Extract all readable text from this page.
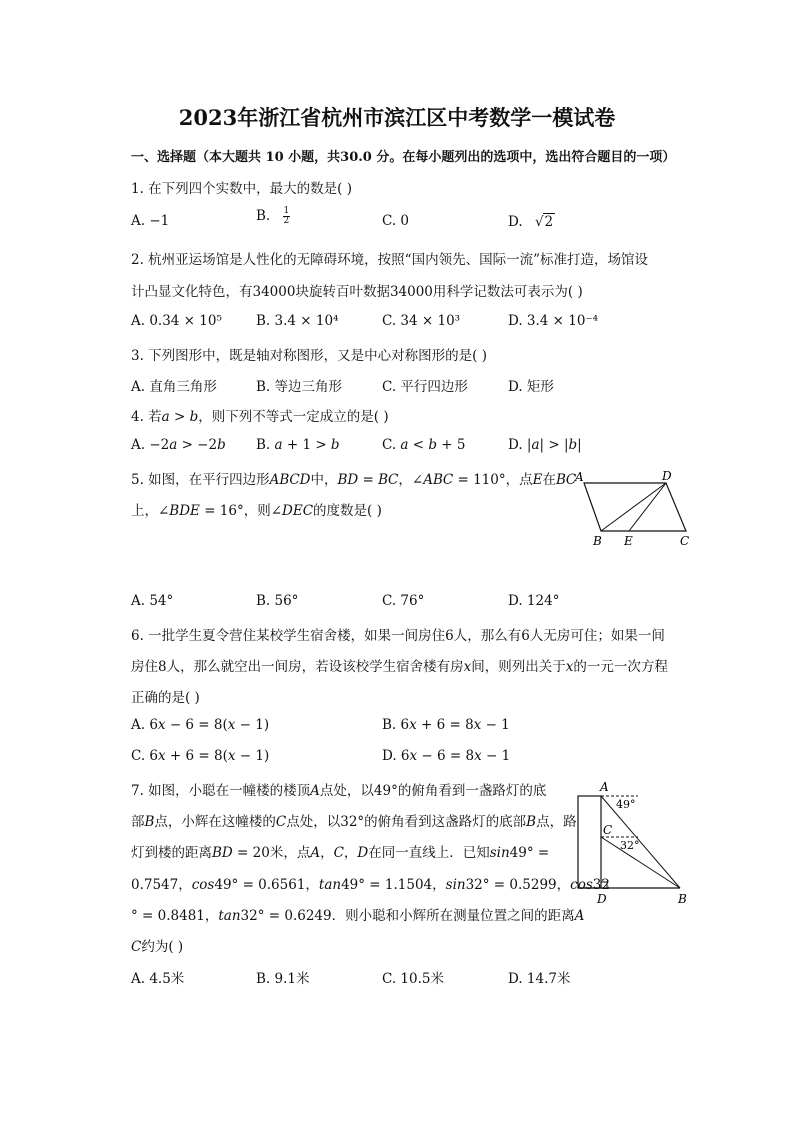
2023年浙江省杭州市滨江区中考数学一模试卷
一、选择题（本大题共 10 小题，共30.0 分。在每小题列出的选项中，选出符合题目的一项）
1. 在下列四个实数中，最大的数是( )
A. −1	B. $\frac{1}{2}$	C. 0	D. √2
2. 杭州亚运场馆是人性化的无障碍环境，按照“国内领先、国际一流”标准打造，场馆设
计凸显文化特色，有34000块旋转百叶数据34000用科学记数法可表示为( )
A. 0.34 × 10⁵	B. 3.4 × 10⁴	C. 34 × 10³	D. 3.4 × 10⁻⁴
3. 下列图形中，既是轴对称图形，又是中心对称图形的是( )
A. 直角三角形	B. 等边三角形	C. 平行四边形	D. 矩形
4. 若𝑎 > 𝑏，则下列不等式一定成立的是( )
A. −2𝑎 > −2𝑏 B. 𝑎 + 1 > 𝑏	C. 𝑎 < 𝑏 + 5	D. |𝑎| > |𝑏|
5. 如图，在平行四边形𝐴𝐵𝐶𝐷中，𝐵𝐷 = 𝐵𝐶，∠𝐴𝐵𝐶 = 110°，点𝐸在𝐵𝐶
上，∠𝐵𝐷𝐸 = 16°，则∠𝐷𝐸𝐶的度数是( )
𝐴	𝐷
𝐵 𝐸	𝐶
A. 54°	B. 56°	C. 76°	D. 124°
6. 一批学生夏令营住某校学生宿舍楼，如果一间房住6人，那么有6人无房可住；如果一间
房住8人，那么就空出一间房，若设该校学生宿舍楼有房𝑥间，则列出关于𝑥的一元一次方程
正确的是( )
A. 6𝑥 − 6 = 8(𝑥 − 1)	B. 6𝑥 + 6 = 8𝑥 − 1
C. 6𝑥 + 6 = 8(𝑥 − 1)	D. 6𝑥 − 6 = 8𝑥 − 1
7. 如图，小聪在一幢楼的楼顶𝐴点处，以49°的俯角看到一盏路灯的底
部𝐵点，小辉在这幢楼的𝐶点处，以32°的俯角看到这盏路灯的底部𝐵点，路
灯到楼的距离𝐵𝐷 = 20米，点𝐴，𝐶，𝐷在同一直线上．已知𝑠𝑖𝑛49° =
0.7547，𝑐𝑜𝑠49° = 0.6561，𝑡𝑎𝑛49° = 1.1504，𝑠𝑖𝑛32° = 0.5299，𝑐𝑜𝑠32
° = 0.8481，𝑡𝑎𝑛32° = 0.6249．则小聪和小辉所在测量位置之间的距离𝐴
𝐶约为( )
𝐴
𝐶
𝐷	𝐵
49°
32°
A. 4.5米	B. 9.1米	C. 10.5米	D. 14.7米
